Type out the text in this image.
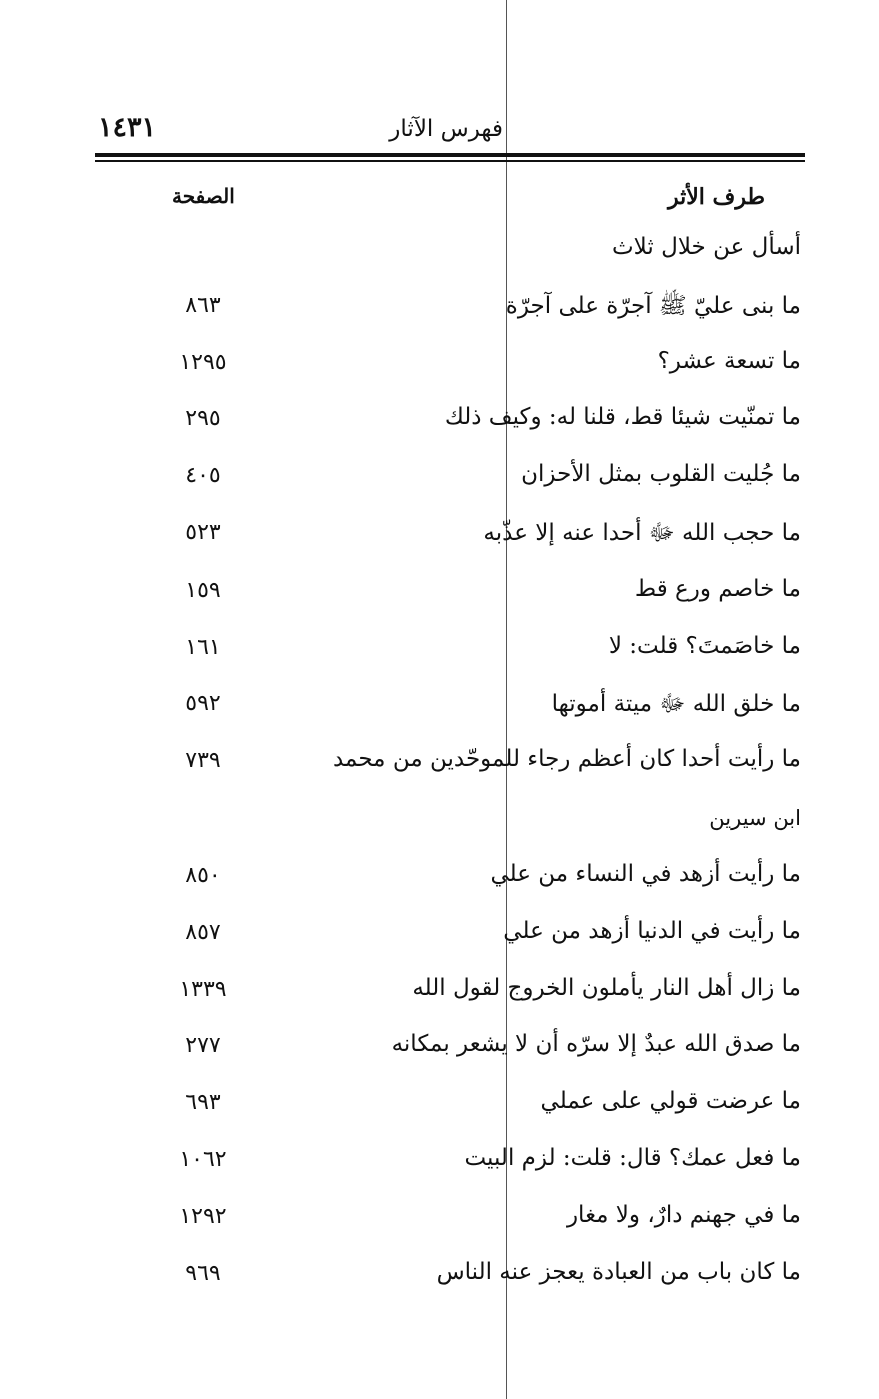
١٤٣١	فهرس الآثار
طرف الأثر
الصفحة
أسأل عن خلال ثلاث
ما بنى عليّ ﷺ آجرّة على آجرّة
٨٦٣
ما تسعة عشر؟
١٢٩٥
ما تمنّيت شيئا قط، قلنا له: وكيف ذلك
٢٩٥
ما جُليت القلوب بمثل الأحزان
٤٠٥
ما حجب الله ﷻ أحدا عنه إلا عذّبه
٥٢٣
ما خاصم ورع قط
١٥٩
ما خاصَمتَ؟ قلت: لا
١٦١
ما خلق الله ﷻ ميتة أموتها
٥٩٢
ما رأيت أحدا كان أعظم رجاء للموحّدين من محمد
٧٣٩
ابن سيرين
ما رأيت أزهد في النساء من علي
٨٥٠
ما رأيت في الدنيا أزهد من علي
٨٥٧
ما زال أهل النار يأملون الخروج لقول الله
١٣٣٩
ما صدق الله عبدٌ إلا سرّه أن لا يشعر بمكانه
٢٧٧
ما عرضت قولي على عملي
٦٩٣
ما فعل عمك؟ قال: قلت: لزم البيت
١٠٦٢
ما في جهنم دارٌ، ولا مغار
١٢٩٢
ما كان باب من العبادة يعجز عنه الناس
٩٦٩
